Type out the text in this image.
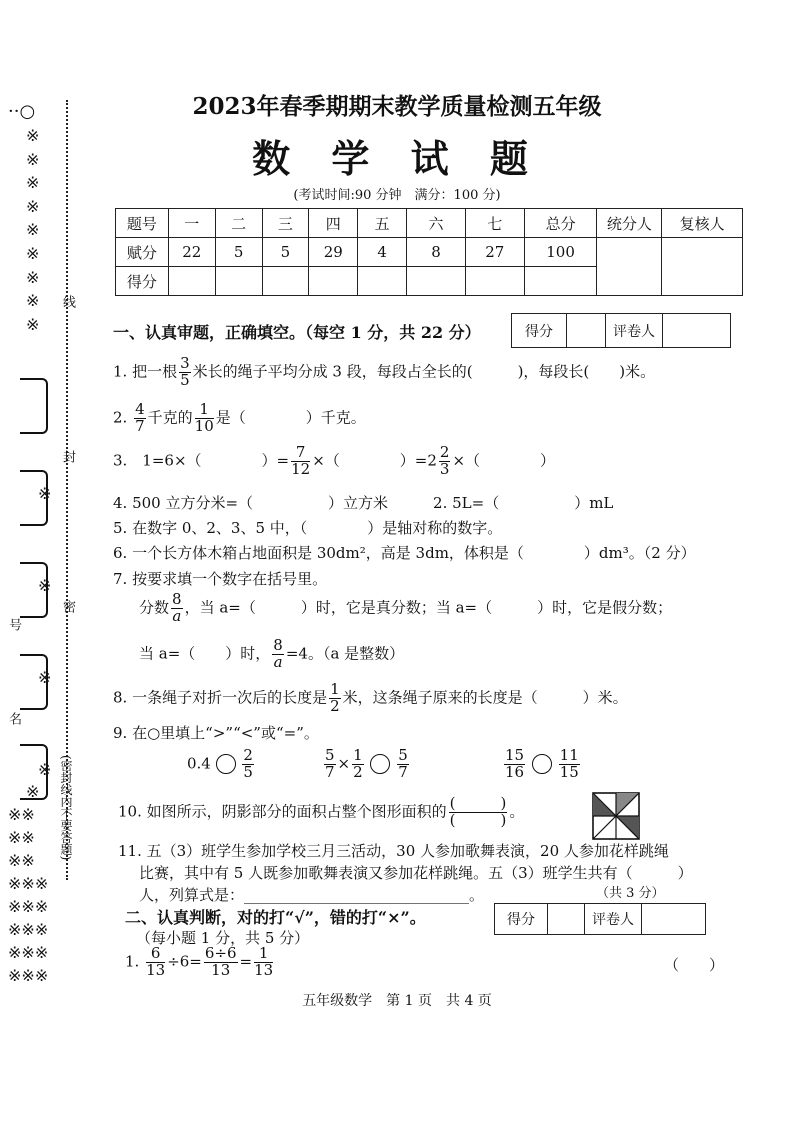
··○
※
※
※
※
※
※
※
※
※
※
※
※
※
号
名
线
封
密
(密封线内不要答题)
※
※※
※※
※※
※※※
※※※
※※※
※※※
※※※
2023年春季期期末教学质量检测五年级
数 学 试 题
(考试时间:90 分钟　满分：100 分)
题号	一	二	三	四	五	六	七	总分	统分人	复核人
赋分	22	5	5	29	4	8	27	100		
得分										
一、认真审题，正确填空。（每空 1 分，共 22 分）	得分	评卷人
1. 把一根 $\frac{3}{5}$ 米长的绳子平均分成 3 段，每段占全长的(　　　)，每段长(　　)米。
2. $\frac{4}{7}$ 千克的 $\frac{1}{10}$ 是（　　　　）千克。
3.　1=6×（　　　　）= $\frac{7}{12}$ ×（　　　　）$=2 \frac{2}{3}$ ×（　　　　）
4. 500 立方分米=（　　　　　）立方米　　　2. 5L=（　　　　　）mL
5. 在数字 0、2、3、5 中，（　　　　）是轴对称的数字。
6. 一个长方体木箱占地面积是 30dm²，高是 3dm，体积是（　　　　）dm³。（2 分）
7. 按要求填一个数字在括号里。
分数 $\frac{8}{a}$ ，当 a=（　　　）时，它是真分数；当 a=（　　　）时，它是假分数；
当 a=（　　）时， $\frac{8}{a} =4$。（a 是整数）
8. 一条绳子对折一次后的长度是 $\frac{1}{2}$ 米，这条绳子原来的长度是（　　　）米。
9. 在○里填上“>”“<”或“=”。
$0.4 \frac{2}{5}$	$\frac{5}{7} \times \frac{1}{2}$
$\frac{5}{7}$	$\frac{15}{16}$
$\frac{11}{15}$
10. 如图所示，阴影部分的面积占整个图形面积的 $\frac{( )}{( )}$ 。
11. 五（3）班学生参加学校三月三活动，30 人参加歌舞表演，20 人参加花样跳绳
比赛，其中有 5 人既参加歌舞表演又参加花样跳绳。五（3）班学生共有（　　　）
人，列算式是：______________________________。	（共 3 分）
二、认真判断，对的打“√”，错的打“×”。
（每小题 1 分，共 5 分）
得分	评卷人
1. $\frac{6}{13} \div 6= \frac{6\div 6}{13} = \frac{1}{13}$	（　　）
五年级数学　第 1 页　共 4 页
